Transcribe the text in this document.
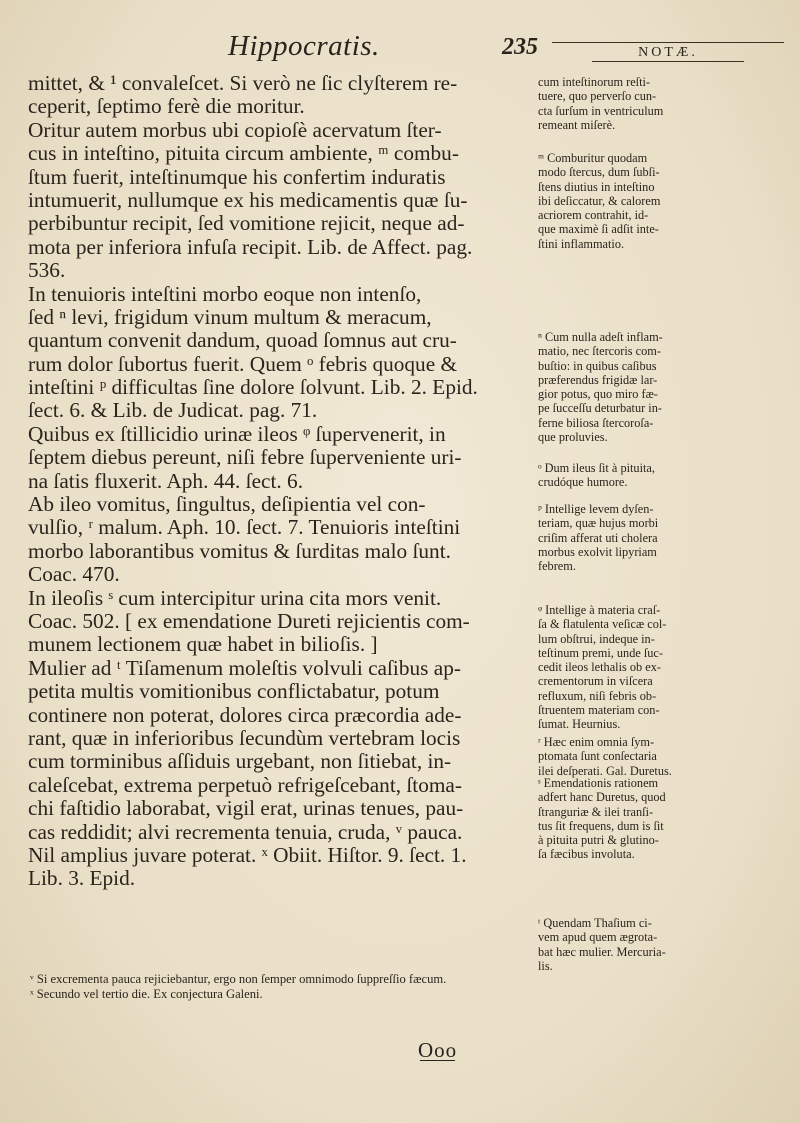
Hippocratis.	235	NOTÆ.
mittet, & ¹ convaleſcet. Si verò ne ſic clyſterem re-
ceperit, ſeptimo ferè die moritur.
Oritur autem morbus ubi copioſè acervatum ſter-
cus in inteſtino, pituita circum ambiente, ᵐ combu-
ſtum fuerit, inteſtinumque his confertim induratis
intumuerit, nullumque ex his medicamentis quæ ſu-
perbibuntur recipit, ſed vomitione rejicit, neque ad-
mota per inferiora infuſa recipit. Lib. de Affect. pag.
536.
In tenuioris inteſtini morbo eoque non intenſo,
ſed ⁿ levi, frigidum vinum multum & meracum,
quantum convenit dandum, quoad ſomnus aut cru-
rum dolor ſubortus fuerit. Quem ᵒ febris quoque &
inteſtini ᵖ difficultas ſine dolore ſolvunt. Lib. 2. Epid.
ſect. 6. & Lib. de Judicat. pag. 71.
Quibus ex ſtillicidio urinæ ileos ᵠ ſupervenerit, in
ſeptem diebus pereunt, niſi febre ſuperveniente uri-
na ſatis fluxerit. Aph. 44. ſect. 6.
Ab ileo vomitus, ſingultus, deſipientia vel con-
vulſio, ʳ malum. Aph. 10. ſect. 7. Tenuioris inteſtini
morbo laborantibus vomitus & ſurditas malo ſunt.
Coac. 470.
In ileoſis ˢ cum intercipitur urina cita mors venit.
Coac. 502. [ ex emendatione Dureti rejicientis com-
munem lectionem quæ habet in bilioſis. ]
Mulier ad ᵗ Tiſamenum moleſtis volvuli caſibus ap-
petita multis vomitionibus conflictabatur, potum
continere non poterat, dolores circa præcordia ade-
rant, quæ in inferioribus ſecundùm vertebram locis
cum torminibus aſſiduis urgebant, non ſitiebat, in-
caleſcebat, extrema perpetuò refrigeſcebant, ſtoma-
chi faſtidio laborabat, vigil erat, urinas tenues, pau-
cas reddidit; alvi recrementa tenuia, cruda, ᵛ pauca.
Nil amplius juvare poterat. ˣ Obiit. Hiſtor. 9. ſect. 1.
Lib. 3. Epid.
cum inteſtinorum reſti-
tuere, quo perverſo cun-
cta ſurſum in ventriculum
remeant miſerè.
ᵐ Comburitur quodam
modo ſtercus, dum ſubſi-
ſtens diutius in inteſtino
ibi deſiccatur, & calorem
acriorem contrahit, id-
que maximè ſi adſit inte-
ſtini inflammatio.
ⁿ Cum nulla adeſt inflam-
matio, nec ſtercoris com-
buſtio: in quibus caſibus
præferendus frigidæ lar-
gior potus, quo miro fæ-
pe ſucceſſu deturbatur in-
ferne biliosa ſtercoroſa-
que proluvies.
ᵒ Dum ileus ſit à pituita,
crudóque humore.
ᵖ Intellige levem dyſen-
teriam, quæ hujus morbi
criſim afferat uti cholera
morbus exolvit lipyriam
febrem.
ᵠ Intellige à materia craſ-
ſa & flatulenta veſicæ col-
lum obſtrui, indeque in-
teſtinum premi, unde ſuc-
cedit ileos lethalis ob ex-
crementorum in viſcera
refluxum, niſi febris ob-
ſtruentem materiam con-
ſumat. Heurnius.
ʳ Hæc enim omnia ſym-
ptomata ſunt conſectaria
ilei deſperati. Gal. Duretus.
ˢ Emendationis rationem
adfert hanc Duretus, quod
ſtranguriæ & ilei tranſi-
tus ſit frequens, dum is ſit
à pituita putri & glutino-
ſa fæcibus involuta.
ᵗ Quendam Thaſium ci-
vem apud quem ægrota-
bat hæc mulier. Mercuria-
lis.
ᵛ Si excrementa pauca rejiciebantur, ergo non ſemper omnimodo ſuppreſſio fæcum.
ˣ Secundo vel tertio die. Ex conjectura Galeni.
Ooo
